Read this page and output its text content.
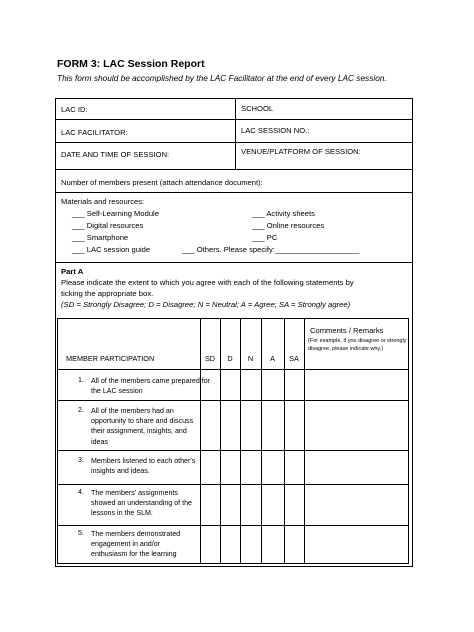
FORM 3: LAC Session Report
This form should be accomplished by the LAC Facilitator at the end of every LAC session.
LAC ID:	SCHOOL
LAC FACILITATOR:	LAC SESSION NO.:
DATE AND TIME OF SESSION:	VENUE/PLATFORM OF SESSION:
Number of members present (attach attendance document):
Materials and resources:
___ Self-Learning Module	___ Activity sheets
___ Digital resources	___ Online resources
___ Smartphone	___ PC
___ LAC session guide	___ Others. Please specify:____________________
Part A
Please indicate the extent to which you agree with each of the following statements by
ticking the appropriate box.
(SD = Strongly Disagree; D = Disagree; N = Neutral; A = Agree; SA = Strongly agree)
MEMBER PARTICIPATION	SD	D	N	A	SA
Comments / Remarks
(For example, if you disagree or strongly disagree, please indicate why.)
1. All of the members came prepared for the LAC session
2. All of the members had an opportunity to share and discuss their assignment, insights, and ideas
3. Members listened to each other's insights and ideas.
4. The members' assignments showed an understanding of the lessons in the SLM.
5. The members demonstrated engagement in and/or enthusiasm for the learning
